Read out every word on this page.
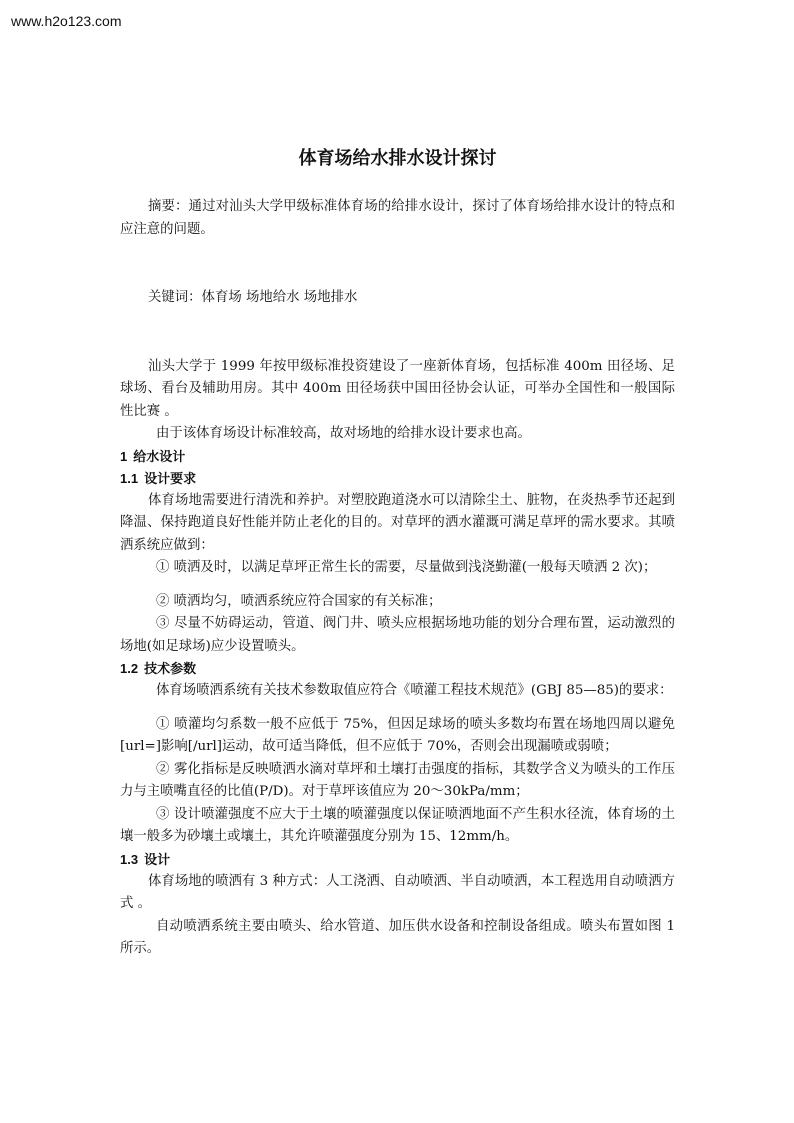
www.h2o123.com
体育场给水排水设计探讨

摘要：通过对汕头大学甲级标准体育场的给排水设计，探讨了体育场给排水设计的特点和应注意的问题。

关键词：体育场 场地给水 场地排水

汕头大学于 1999 年按甲级标准投资建设了一座新体育场，包括标准 400m 田径场、足球场、看台及辅助用房。其中 400m 田径场获中国田径协会认证，可举办全国性和一般国际性比赛 。

由于该体育场设计标准较高，故对场地的给排水设计要求也高。

1 给水设计
1.1 设计要求

体育场地需要进行清洗和养护。对塑胶跑道浇水可以清除尘土、脏物，在炎热季节还起到降温、保持跑道良好性能并防止老化的目的。对草坪的洒水灌溉可满足草坪的需水要求。其喷洒系统应做到：

① 喷洒及时，以满足草坪正常生长的需要，尽量做到浅浇勤灌(一般每天喷洒 2 次)；

② 喷洒均匀，喷洒系统应符合国家的有关标准；

③ 尽量不妨碍运动，管道、阀门井、喷头应根据场地功能的划分合理布置，运动激烈的场地(如足球场)应少设置喷头。

1.2 技术参数

体育场喷洒系统有关技术参数取值应符合《喷灌工程技术规范》(GBJ 85—85)的要求：

① 喷灌均匀系数一般不应低于 75%，但因足球场的喷头多数均布置在场地四周以避免[url=]影响[/url]运动，故可适当降低，但不应低于 70%，否则会出现漏喷或弱喷；

② 雾化指标是反映喷洒水滴对草坪和土壤打击强度的指标，其数学含义为喷头的工作压力与主喷嘴直径的比值(P/D)。对于草坪该值应为 20～30kPa/mm；

③ 设计喷灌强度不应大于土壤的喷灌强度以保证喷洒地面不产生积水径流，体育场的土壤一般多为砂壤土或壤土，其允许喷灌强度分别为 15、12mm/h。

1.3 设计

体育场地的喷洒有 3 种方式：人工浇洒、自动喷洒、半自动喷洒，本工程选用自动喷洒方式 。

自动喷洒系统主要由喷头、给水管道、加压供水设备和控制设备组成。喷头布置如图 1 所示。
